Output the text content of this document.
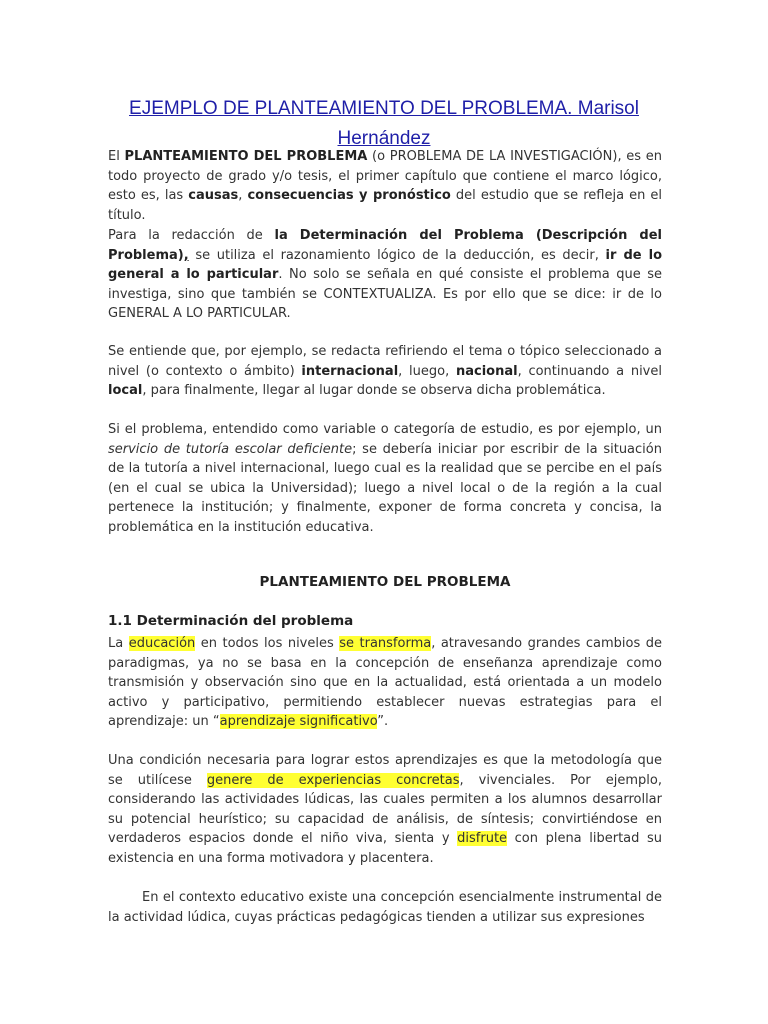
EJEMPLO DE PLANTEAMIENTO DEL PROBLEMA. Marisol Hernández

El PLANTEAMIENTO DEL PROBLEMA (o PROBLEMA DE LA INVESTIGACIÓN), es en todo proyecto de grado y/o tesis, el primer capítulo que contiene el marco lógico, esto es, las causas, consecuencias y pronóstico del estudio que se refleja en el título.

Para la redacción de la Determinación del Problema (Descripción del Problema), se utiliza el razonamiento lógico de la deducción, es decir, ir de lo general a lo particular. No solo se señala en qué consiste el problema que se investiga, sino que también se CONTEXTUALIZA. Es por ello que se dice: ir de lo GENERAL A LO PARTICULAR.

Se entiende que, por ejemplo, se redacta refiriendo el tema o tópico seleccionado a nivel (o contexto o ámbito) internacional, luego, nacional, continuando a nivel local, para finalmente, llegar al lugar donde se observa dicha problemática.

Si el problema, entendido como variable o categoría de estudio, es por ejemplo, un servicio de tutoría escolar deficiente; se debería iniciar por escribir de la situación de la tutoría a nivel internacional, luego cual es la realidad que se percibe en el país (en el cual se ubica la Universidad); luego a nivel local o de la región a la cual pertenece la institución; y finalmente, exponer de forma concreta y concisa, la problemática en la institución educativa.

PLANTEAMIENTO DEL PROBLEMA
1.1 Determinación del problema

La educación en todos los niveles se transforma, atravesando grandes cambios de paradigmas, ya no se basa en la concepción de enseñanza aprendizaje como transmisión y observación sino que en la actualidad, está orientada a un modelo activo y participativo, permitiendo establecer nuevas estrategias para el aprendizaje: un “aprendizaje significativo”.

Una condición necesaria para lograr estos aprendizajes es que la metodología que se utilícese genere de experiencias concretas, vivenciales. Por ejemplo, considerando las actividades lúdicas, las cuales permiten a los alumnos desarrollar su potencial heurístico; su capacidad de análisis, de síntesis; convirtiéndose en verdaderos espacios donde el niño viva, sienta y disfrute con plena libertad su existencia en una forma motivadora y placentera.

En el contexto educativo existe una concepción esencialmente instrumental de la actividad lúdica, cuyas prácticas pedagógicas tienden a utilizar sus expresiones
